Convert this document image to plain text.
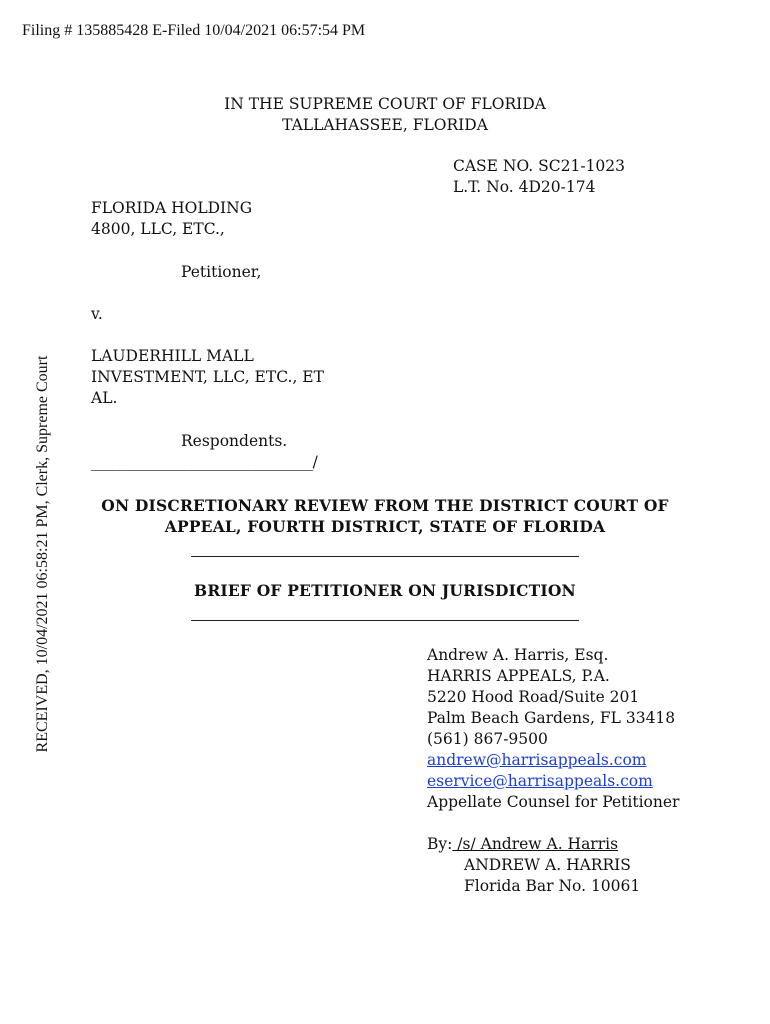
Filing # 135885428 E-Filed 10/04/2021 06:57:54 PM
RECEIVED, 10/04/2021 06:58:21 PM, Clerk, Supreme Court
IN THE SUPREME COURT OF FLORIDA
TALLAHASSEE, FLORIDA
CASE NO. SC21-1023
L.T. No. 4D20-174
FLORIDA HOLDING
4800, LLC, ETC.,
Petitioner,
v.
LAUDERHILL MALL
INVESTMENT, LLC, ETC., ET
AL.
Respondents.
_______________________________/
ON DISCRETIONARY REVIEW FROM THE DISTRICT COURT OF
APPEAL, FOURTH DISTRICT, STATE OF FLORIDA
BRIEF OF PETITIONER ON JURISDICTION
Andrew A. Harris, Esq.
HARRIS APPEALS, P.A.
5220 Hood Road/Suite 201
Palm Beach Gardens, FL 33418
(561) 867-9500
andrew@harrisappeals.com
eservice@harrisappeals.com
Appellate Counsel for Petitioner
By: /s/ Andrew A. Harris
ANDREW A. HARRIS
Florida Bar No. 10061
